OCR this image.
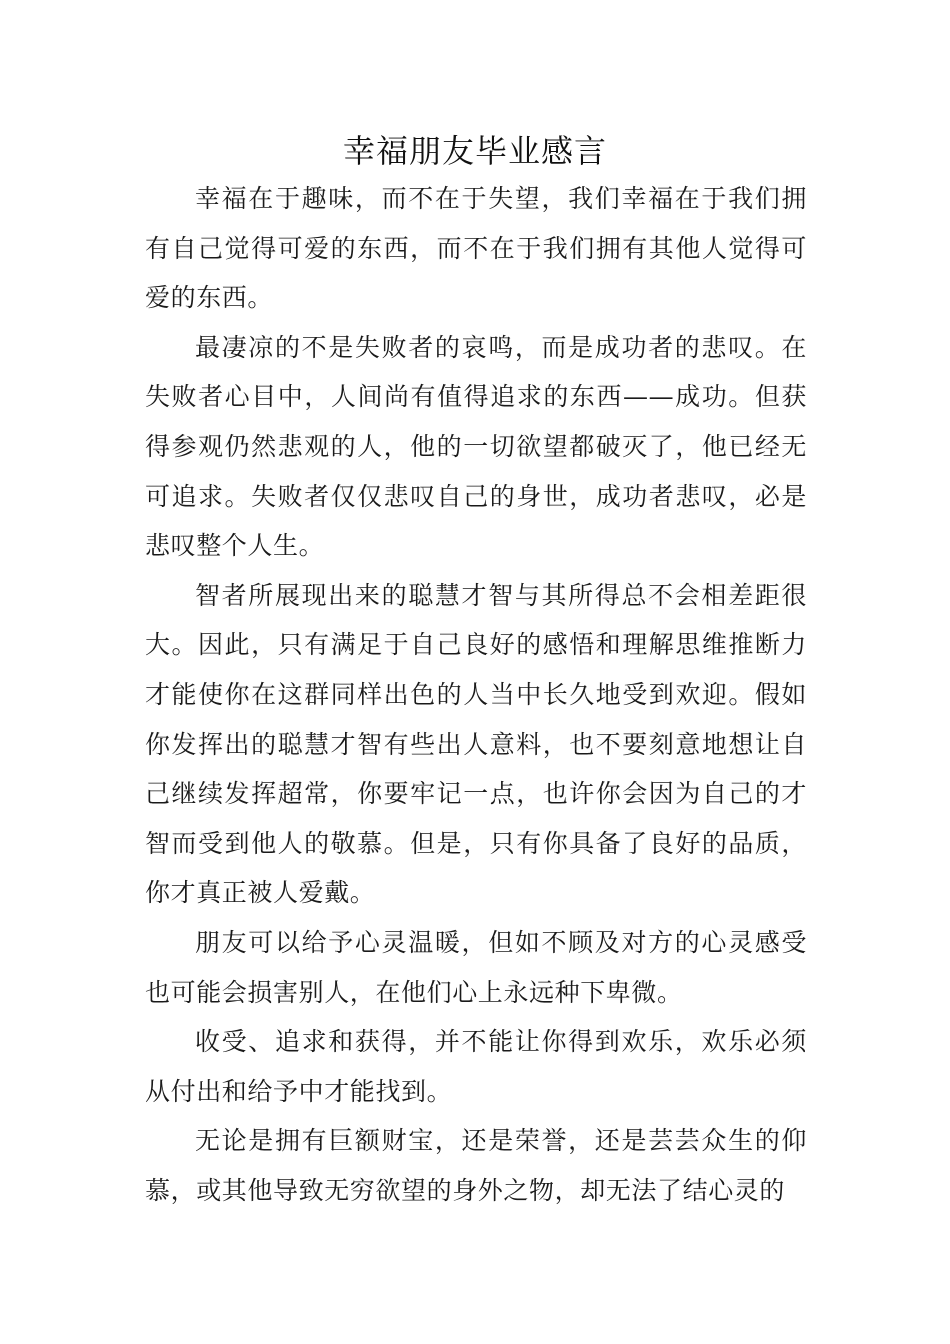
幸福朋友毕业感言

幸福在于趣味，而不在于失望，我们幸福在于我们拥有自己觉得可爱的东西，而不在于我们拥有其他人觉得可爱的东西。

最凄凉的不是失败者的哀鸣，而是成功者的悲叹。在失败者心目中，人间尚有值得追求的东西——成功。但获得参观仍然悲观的人，他的一切欲望都破灭了，他已经无可追求。失败者仅仅悲叹自己的身世，成功者悲叹，必是悲叹整个人生。

智者所展现出来的聪慧才智与其所得总不会相差距很大。因此，只有满足于自己良好的感悟和理解思维推断力才能使你在这群同样出色的人当中长久地受到欢迎。假如你发挥出的聪慧才智有些出人意料，也不要刻意地想让自己继续发挥超常，你要牢记一点，也许你会因为自己的才智而受到他人的敬慕。但是，只有你具备了良好的品质，你才真正被人爱戴。

朋友可以给予心灵温暖，但如不顾及对方的心灵感受也可能会损害别人，在他们心上永远种下卑微。

收受、追求和获得，并不能让你得到欢乐，欢乐必须从付出和给予中才能找到。

无论是拥有巨额财宝，还是荣誉，还是芸芸众生的仰慕，或其他导致无穷欲望的身外之物，却无法了结心灵的
